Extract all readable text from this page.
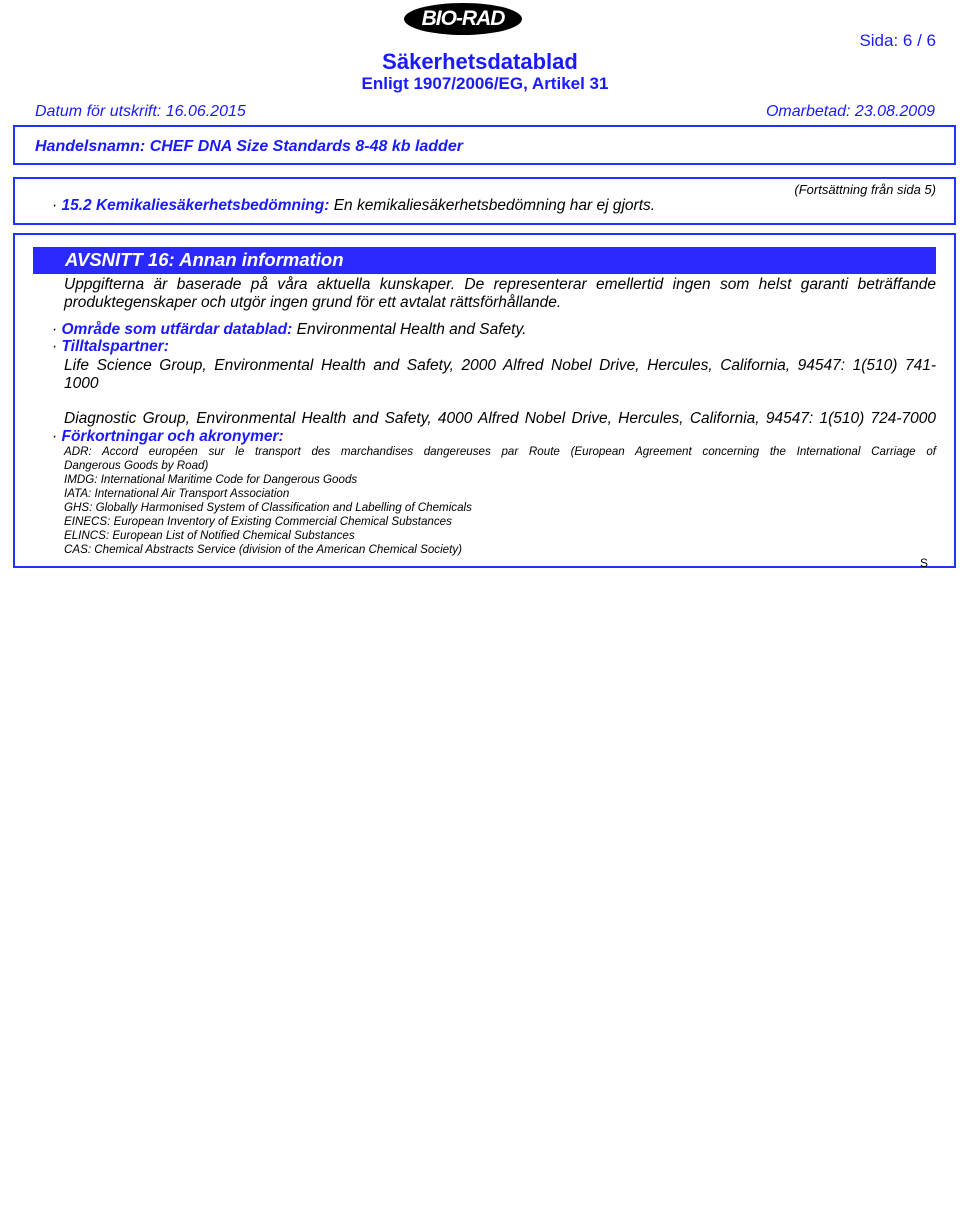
BIO-RAD
Sida: 6 / 6
Säkerhetsdatablad
Enligt 1907/2006/EG, Artikel 31
Datum för utskrift: 16.06.2015	Omarbetad: 23.08.2009
Handelsnamn: CHEF DNA Size Standards 8-48 kb ladder
(Fortsättning från sida 5)
· 15.2 Kemikaliesäkerhetsbedömning: En kemikaliesäkerhetsbedömning har ej gjorts.
AVSNITT 16: Annan information
Uppgifterna är baserade på våra aktuella kunskaper. De representerar emellertid ingen som helst garanti beträffande
produktegenskaper och utgör ingen grund för ett avtalat rättsförhållande.
· Område som utfärdar datablad: Environmental Health and Safety.
· Tilltalspartner:
Life Science Group, Environmental Health and Safety, 2000 Alfred Nobel Drive, Hercules, California, 94547: 1(510) 741-
1000
Diagnostic Group, Environmental Health and Safety, 4000 Alfred Nobel Drive, Hercules, California, 94547: 1(510) 724-7000
· Förkortningar och akronymer:
ADR: Accord européen sur le transport des marchandises dangereuses par Route (European Agreement concerning the International Carriage of
Dangerous Goods by Road)
IMDG: International Maritime Code for Dangerous Goods
IATA: International Air Transport Association
GHS: Globally Harmonised System of Classification and Labelling of Chemicals
EINECS: European Inventory of Existing Commercial Chemical Substances
ELINCS: European List of Notified Chemical Substances
CAS: Chemical Abstracts Service (division of the American Chemical Society)
S
